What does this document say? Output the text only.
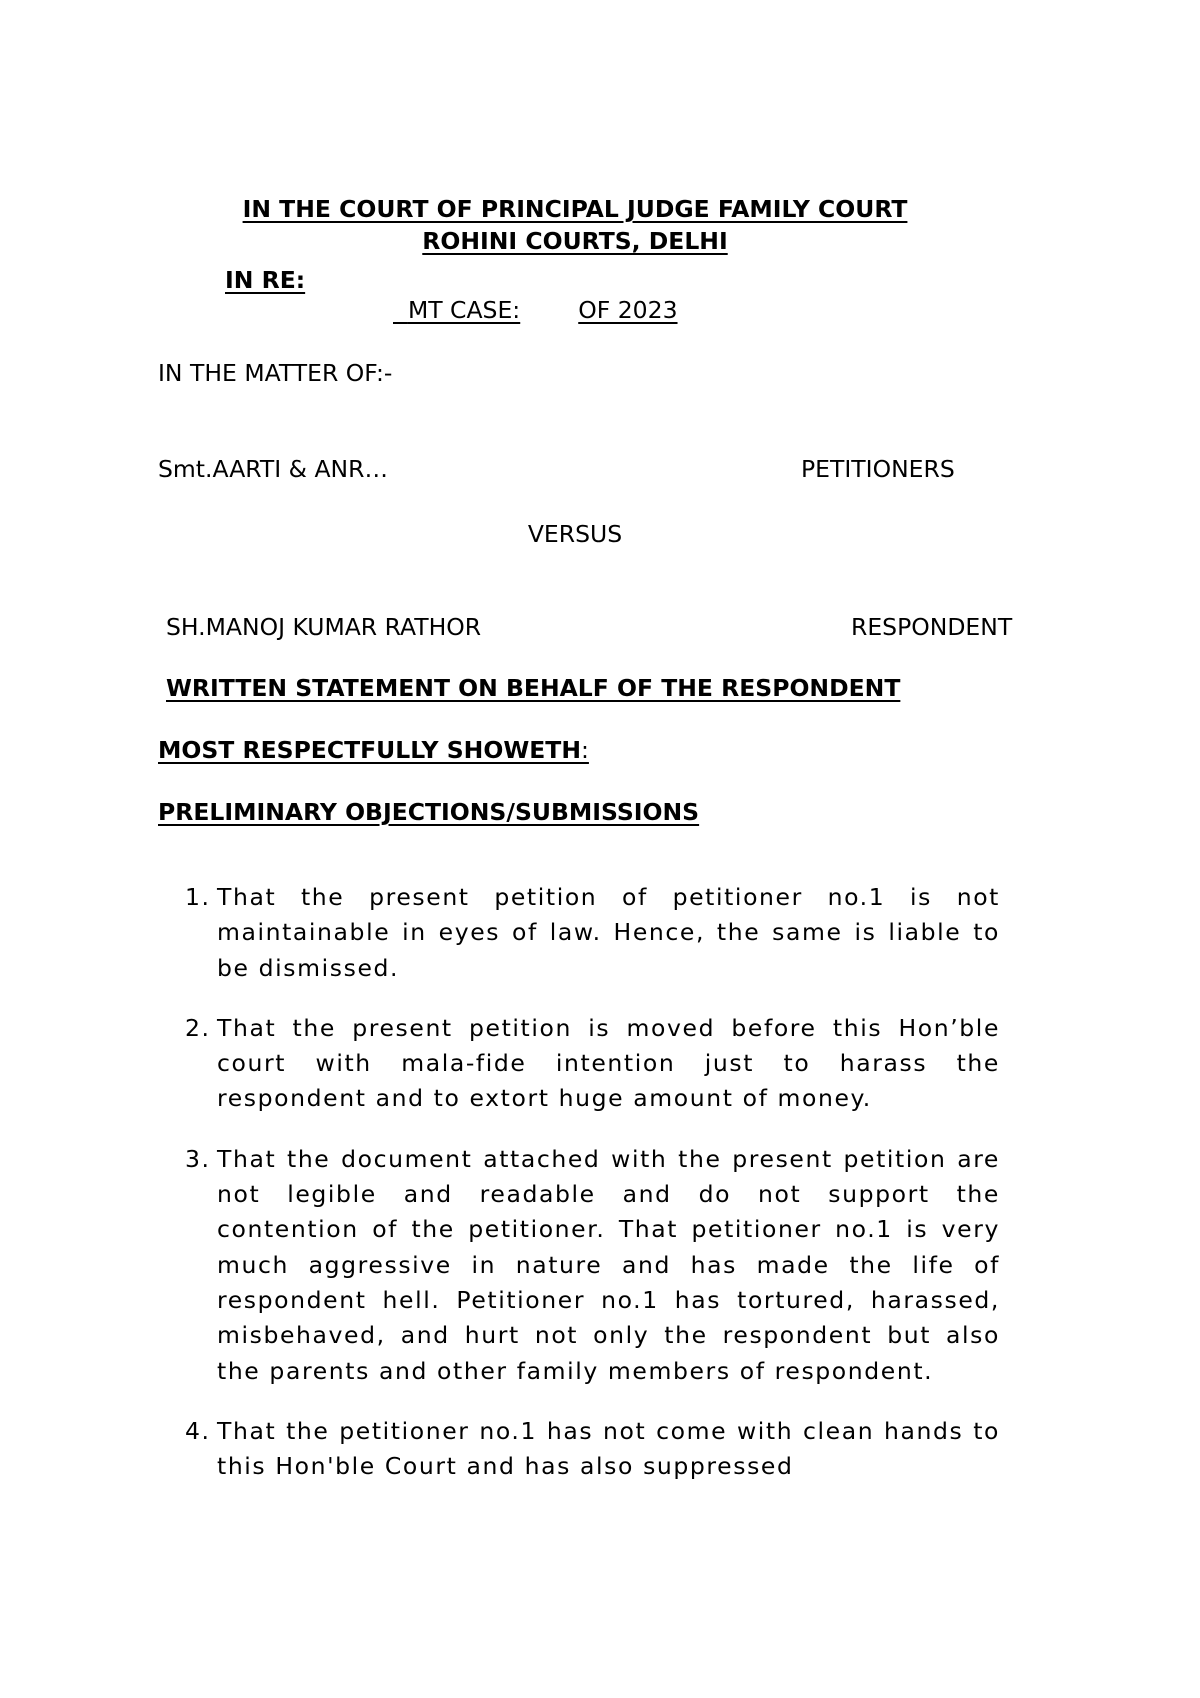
IN THE COURT OF PRINCIPAL JUDGE FAMILY COURT
ROHINI COURTS, DELHI
IN RE:
MT CASE: OF 2023
IN THE MATTER OF:-
Smt.AARTI & ANR…	PETITIONERS
VERSUS
SH.MANOJ KUMAR RATHOR	RESPONDENT
WRITTEN STATEMENT ON BEHALF OF THE RESPONDENT
MOST RESPECTFULLY SHOWETH:
PRELIMINARY OBJECTIONS/SUBMISSIONS
1. That the present petition of petitioner no.1 is not maintainable in eyes of law. Hence, the same is liable to be dismissed.
2. That the present petition is moved before this Hon’ble court with mala-fide intention just to harass the respondent and to extort huge amount of money.
3. That the document attached with the present petition are not legible and readable and do not support the contention of the petitioner. That petitioner no.1 is very much aggressive in nature and has made the life of respondent hell. Petitioner no.1 has tortured, harassed, misbehaved, and hurt not only the respondent but also the parents and other family members of respondent.
4. That the petitioner no.1 has not come with clean hands to this Hon'ble Court and has also suppressed
